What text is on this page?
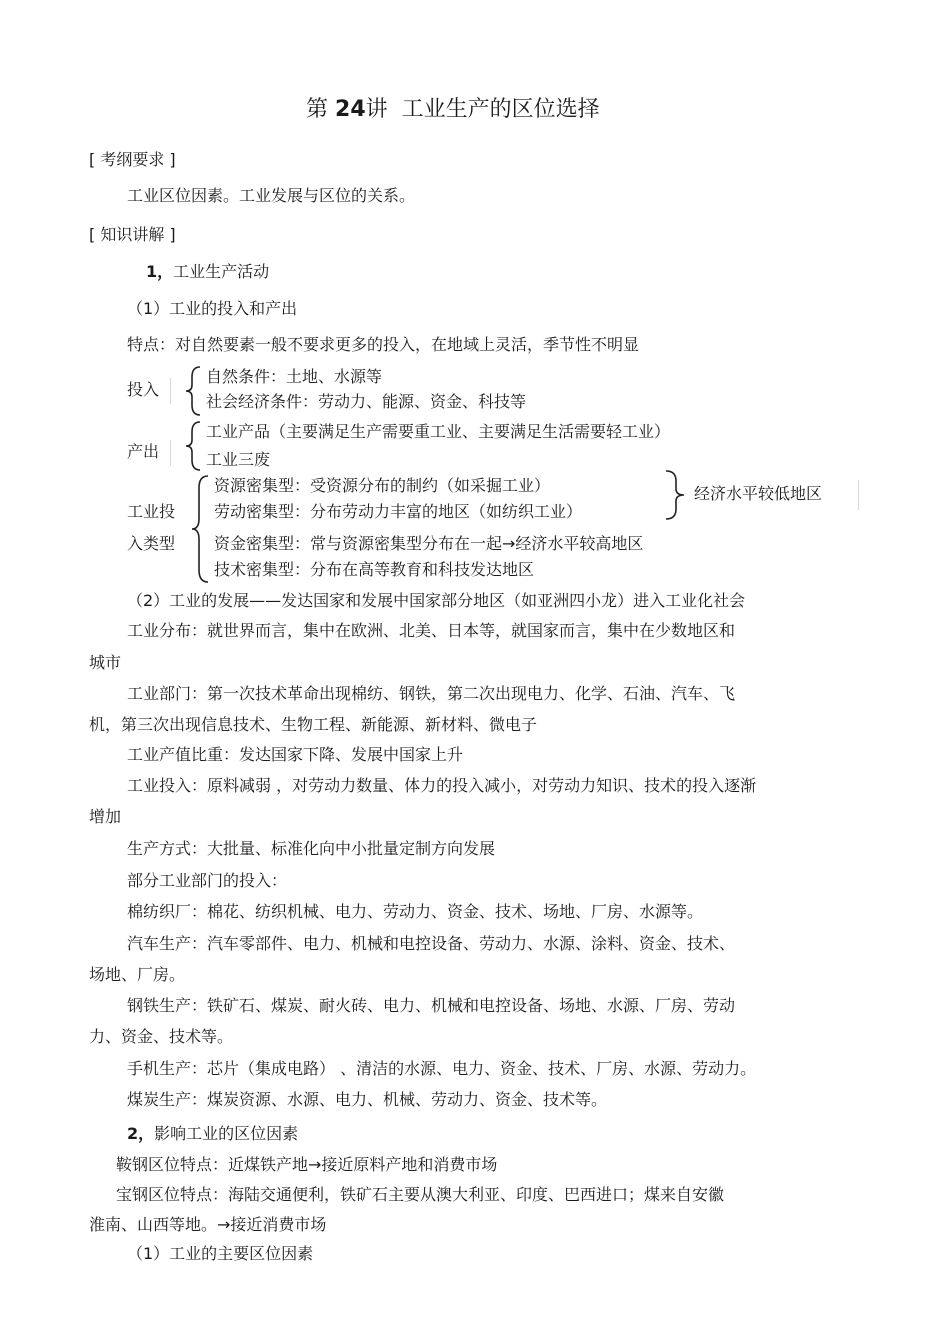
第 24讲 工业生产的区位选择
[ 考纲要求 ]
工业区位因素。工业发展与区位的关系。
[ 知识讲解 ]
1，工业生产活动
（1）工业的投入和产出
特点：对自然要素一般不要求更多的投入，在地域上灵活，季节性不明显
投入
自然条件：土地、水源等
社会经济条件：劳动力、能源、资金、科技等
产出
工业产品（主要满足生产需要重工业、主要满足生活需要轻工业）
工业三废
工业投
入类型
资源密集型：受资源分布的制约（如采掘工业）
劳动密集型：分布劳动力丰富的地区（如纺织工业）
资金密集型：常与资源密集型分布在一起→经济水平较高地区
技术密集型：分布在高等教育和科技发达地区
经济水平较低地区
（2）工业的发展——发达国家和发展中国家部分地区（如亚洲四小龙）进入工业化社会
工业分布：就世界而言，集中在欧洲、北美、日本等，就国家而言，集中在少数地区和
城市
工业部门：第一次技术革命出现棉纺、钢铁，第二次出现电力、化学、石油、汽车、飞
机，第三次出现信息技术、生物工程、新能源、新材料、微电子
工业产值比重：发达国家下降、发展中国家上升
工业投入：原料减弱 ，对劳动力数量、体力的投入减小，对劳动力知识、技术的投入逐渐
增加
生产方式：大批量、标准化向中小批量定制方向发展
部分工业部门的投入：
棉纺织厂：棉花、纺织机械、电力、劳动力、资金、技术、场地、厂房、水源等。
汽车生产：汽车零部件、电力、机械和电控设备、劳动力、水源、涂料、资金、技术、
场地、厂房。
钢铁生产：铁矿石、煤炭、耐火砖、电力、机械和电控设备、场地、水源、厂房、劳动
力、资金、技术等。
手机生产：芯片（集成电路） 、清洁的水源、电力、资金、技术、厂房、水源、劳动力。
煤炭生产：煤炭资源、水源、电力、机械、劳动力、资金、技术等。
2，影响工业的区位因素
鞍钢区位特点：近煤铁产地→接近原料产地和消费市场
宝钢区位特点：海陆交通便利，铁矿石主要从澳大利亚、印度、巴西进口；煤来自安徽
淮南、山西等地。→接近消费市场
（1）工业的主要区位因素
